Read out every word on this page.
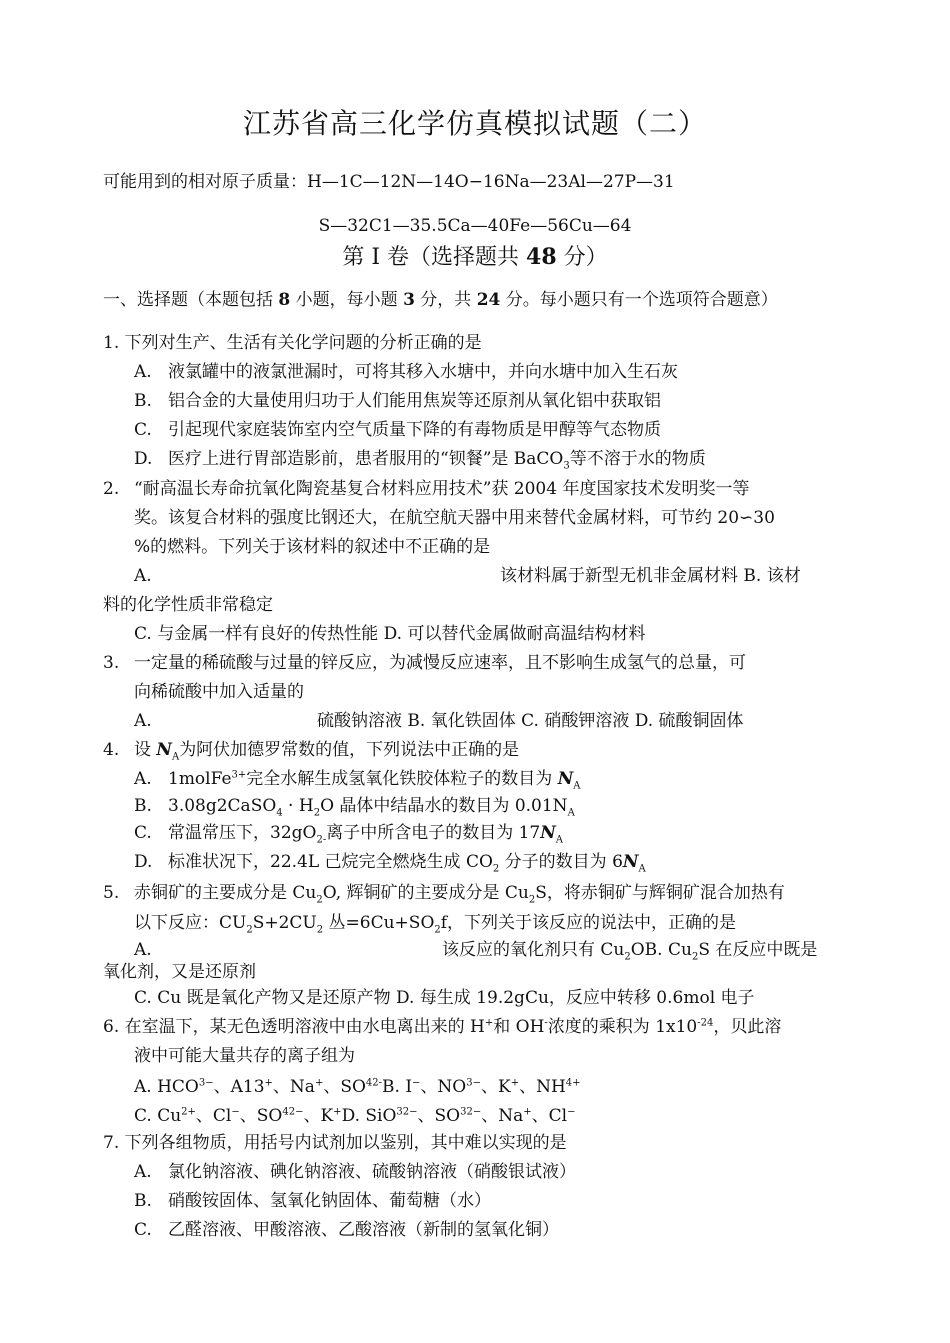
江苏省高三化学仿真模拟试题（二）
可能用到的相对原子质量：H—1C—12N—14O−16Na—23Al—27P—31
S—32C1—35.5Ca—40Fe—56Cu—64
第 I 卷（选择题共 48 分）
一、选择题（本题包括 8 小题，每小题 3 分，共 24 分。每小题只有一个选项符合题意）
1. 下列对生产、生活有关化学问题的分析正确的是
A. 液氯罐中的液氯泄漏时，可将其移入水塘中，并向水塘中加入生石灰
B. 铝合金的大量使用归功于人们能用焦炭等还原剂从氧化铝中获取铝
C. 引起现代家庭装饰室内空气质量下降的有毒物质是甲醇等气态物质
D. 医疗上进行胃部造影前，患者服用的“钡餐”是 BaCO$_3$等不溶于水的物质
2. “耐高温长寿命抗氧化陶瓷基复合材料应用技术”获 2004 年度国家技术发明奖一等
奖。该复合材料的强度比钢还大，在航空航天器中用来替代金属材料，可节约 20∽30
%的燃料。下列关于该材料的叙述中不正确的是
A.	该材料属于新型无机非金属材料 B. 该材
料的化学性质非常稳定
C. 与金属一样有良好的传热性能 D. 可以替代金属做耐高温结构材料
3. 一定量的稀硫酸与过量的锌反应，为减慢反应速率，且不影响生成氢气的总量，可
向稀硫酸中加入适量的
A.	硫酸钠溶液 B. 氧化铁固体 C. 硝酸钾溶液 D. 硫酸铜固体
4. 设 $N_A$为阿伏加德罗常数的值，下列说法中正确的是
A. 1molFe$^{3+}$完全水解生成氢氧化铁胶体粒子的数目为 $N_A$
B. 3.08g2CaSO$_4$ · $H_2O$ 晶体中结晶水的数目为 $0.01N_A$
C. 常温常压下，$32gO_{2-}$离子中所含电子的数目为 $17N_A$
D. 标准状况下，22.4L 己烷完全燃烧生成 $CO_2$ 分子的数目为 $6N_A$
5. 赤铜矿的主要成分是 $Cu_2O$, 辉铜矿的主要成分是 $Cu_2S$，将赤铜矿与辉铜矿混合加热有
以下反应：$CU_2S+2CU_2$ 丛$=6Cu+SO_2f$，下列关于该反应的说法中，正确的是
A.	该反应的氧化剂只有 $Cu_2OB$. $Cu_2S$ 在反应中既是
氧化剂，又是还原剂
C. Cu 既是氧化产物又是还原产物 D. 每生成 19.2gCu，反应中转移 0.6mol 电子
6. 在室温下，某无色透明溶液中由水电离出来的 H+和 OH-浓度的乘积为 $1x10^{-24}$，贝此溶
液中可能大量共存的离子组为
A. $HCO^{3-}$、A13+、Na+、$SO^{42-}B$. I−、$NO^{3-}$、K+、$NH^{4+}$
C. $Cu^{2+}$、Cl−、$SO^{42-}$、K+D. SiO$^{32-}$、$SO^{32-}$、Na+、Cl−
7. 下列各组物质，用括号内试剂加以鉴别，其中难以实现的是
A. 氯化钠溶液、碘化钠溶液、硫酸钠溶液（硝酸银试液）
B. 硝酸铵固体、氢氧化钠固体、葡萄糖（水）
C. 乙醛溶液、甲酸溶液、乙酸溶液（新制的氢氧化铜）
